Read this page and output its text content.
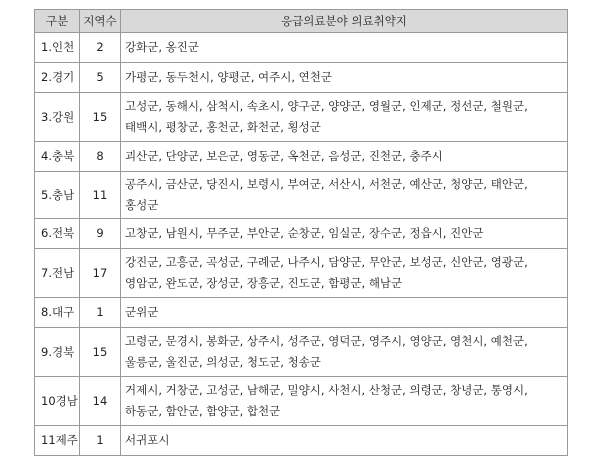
구분	지역수	응급의료분야 의료취약지
1.인천	2	강화군, 옹진군
2.경기	5	가평군, 동두천시, 양평군, 여주시, 연천군
3.강원	15	고성군, 동해시, 삼척시, 속초시, 양구군, 양양군, 영월군, 인제군, 정선군, 철원군, 태백시, 평창군, 홍천군, 화천군, 횡성군
4.충북	8	괴산군, 단양군, 보은군, 영동군, 옥천군, 음성군, 진천군, 충주시
5.충남	11	공주시, 금산군, 당진시, 보령시, 부여군, 서산시, 서천군, 예산군, 청양군, 태안군, 홍성군
6.전북	9	고창군, 남원시, 무주군, 부안군, 순창군, 임실군, 장수군, 정읍시, 진안군
7.전남	17	강진군, 고흥군, 곡성군, 구례군, 나주시, 담양군, 무안군, 보성군, 신안군, 영광군, 영암군, 완도군, 장성군, 장흥군, 진도군, 함평군, 해남군
8.대구	1	군위군
9.경북	15	고령군, 문경시, 봉화군, 상주시, 성주군, 영덕군, 영주시, 영양군, 영천시, 예천군, 울릉군, 울진군, 의성군, 청도군, 청송군
10경남	14	거제시, 거창군, 고성군, 남해군, 밀양시, 사천시, 산청군, 의령군, 창녕군, 통영시, 하동군, 함안군, 함양군, 합천군
11제주	1	서귀포시
